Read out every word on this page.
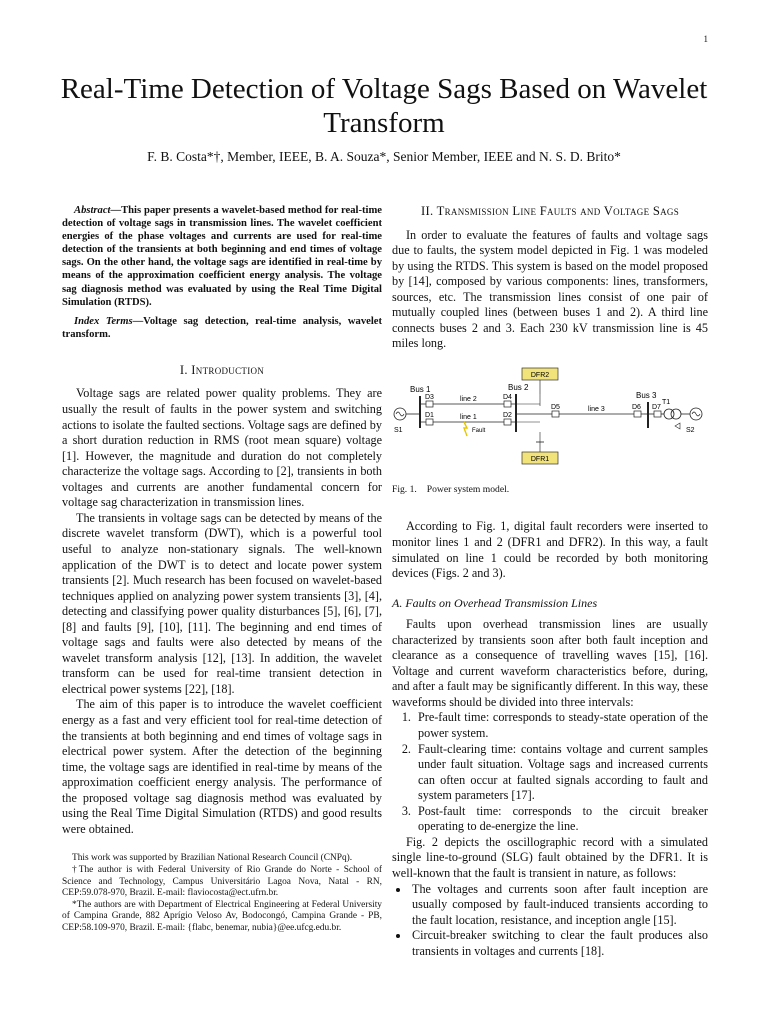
1
Real-Time Detection of Voltage Sags Based on Wavelet Transform
F. B. Costa*†, Member, IEEE, B. A. Souza*, Senior Member, IEEE and N. S. D. Brito*

Abstract—This paper presents a wavelet-based method for real-time detection of voltage sags in transmission lines. The wavelet coefficient energies of the phase voltages and currents are used for real-time detection of the transients at both beginning and end times of voltage sags. On the other hand, the voltage sags are identified in real-time by means of the approximation coefficient energy analysis. The voltage sag diagnosis method was evaluated by using the Real Time Digital Simulation (RTDS).

Index Terms—Voltage sag detection, real-time analysis, wavelet transform.

I. Introduction

Voltage sags are related power quality problems. They are usually the result of faults in the power system and switching actions to isolate the faulted sections. Voltage sags are defined by a short duration reduction in RMS (root mean square) voltage [1]. However, the magnitude and duration do not completely characterize the voltage sags. According to [2], transients in both voltages and currents are another fundamental concern for voltage sag characterization in transmission lines.

The transients in voltage sags can be detected by means of the discrete wavelet transform (DWT), which is a powerful tool useful to analyze non-stationary signals. The well-known application of the DWT is to detect and locate power system transients [2]. Much research has been focused on wavelet-based techniques applied on analyzing power system transients [3], [4], detecting and classifying power quality disturbances [5], [6], [7], [8] and faults [9], [10], [11]. The beginning and end times of voltage sags and faults were also detected by means of the wavelet transform analysis [12], [13]. In addition, the wavelet transform can be used for real-time transient detection in electrical power systems [22], [18].

The aim of this paper is to introduce the wavelet coefficient energy as a fast and very efficient tool for real-time detection of the transients at both beginning and end times of voltage sags in electrical power system. After the detection of the beginning time, the voltage sags are identified in real-time by means of the approximation coefficient energy analysis. The performance of the proposed voltage sag diagnosis method was evaluated by using the Real Time Digital Simulation (RTDS) and good results were obtained.

This work was supported by Brazilian National Research Council (CNPq).

†The author is with Federal University of Rio Grande do Norte - School of Science and Technology, Campus Universitário Lagoa Nova, Natal - RN, CEP:59.078-970, Brazil. E-mail: flaviocosta@ect.ufrn.br.

*The authors are with Department of Electrical Engineering at Federal University of Campina Grande, 882 Aprígio Veloso Av, Bodocongó, Campina Grande - PB, CEP:58.109-970, Brazil. E-mail: {flabc, benemar, nubia}@ee.ufcg.edu.br.

II. Transmission Line Faults and Voltage Sags

In order to evaluate the features of faults and voltage sags due to faults, the system model depicted in Fig. 1 was modeled by using the RTDS. This system is based on the model proposed by [14], composed by various components: lines, transformers, sources, etc. The transmission lines consist of one pair of mutually coupled lines (between buses 1 and 2). A third line connects buses 2 and 3. Each 230 kV transmission line is 45 miles long.

DFR2
DFR1
S1
Bus 1
D3	line 2	D4
D1	line 1	D2
Fault
Bus 2
D5	line 3	D6
Bus 3
D7
T1
S2
Fig. 1. Power system model.

According to Fig. 1, digital fault recorders were inserted to monitor lines 1 and 2 (DFR1 and DFR2). In this way, a fault simulated on line 1 could be recorded by both monitoring devices (Figs. 2 and 3).

A. Faults on Overhead Transmission Lines

Faults upon overhead transmission lines are usually characterized by transients soon after both fault inception and clearance as a consequence of travelling waves [15], [16]. Voltage and current waveform characteristics before, during, and after a fault may be significantly different. In this way, these waveforms should be divided into three intervals:

1. Pre-fault time: corresponds to steady-state operation of the power system.
2. Fault-clearing time: contains voltage and current samples under fault situation. Voltage sags and increased currents can often occur at faulted signals according to fault and system parameters [17].
3. Post-fault time: corresponds to the circuit breaker operating to de-energize the line.

Fig. 2 depicts the oscillographic record with a simulated single line-to-ground (SLG) fault obtained by the DFR1. It is well-known that the fault is transient in nature, as follows:

• The voltages and currents soon after fault inception are usually composed by fault-induced transients according to the fault location, resistance, and inception angle [15].
• Circuit-breaker switching to clear the fault produces also transients in voltages and currents [18].
